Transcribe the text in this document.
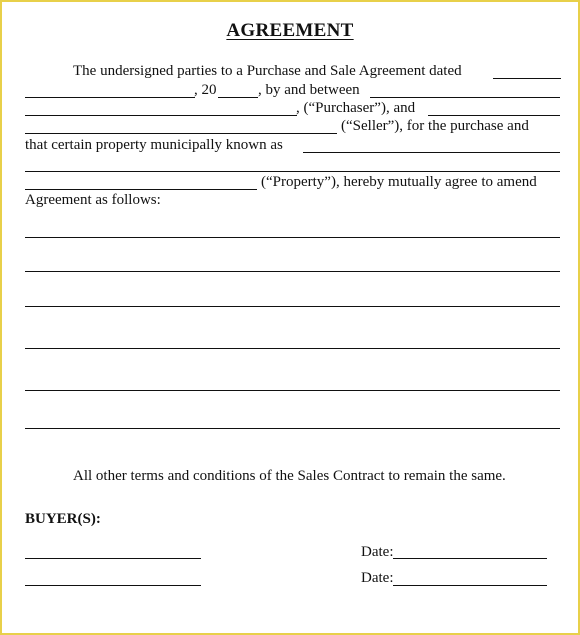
AGREEMENT
The undersigned parties to a Purchase and Sale Agreement dated
, 20	, by and between
, (“Purchaser”), and
(“Seller”), for the purchase and
that certain property municipally known as
(“Property”), hereby mutually agree to amend
Agreement as follows:
All other terms and conditions of the Sales Contract to remain the same.
BUYER(S):
Date:
Date:
